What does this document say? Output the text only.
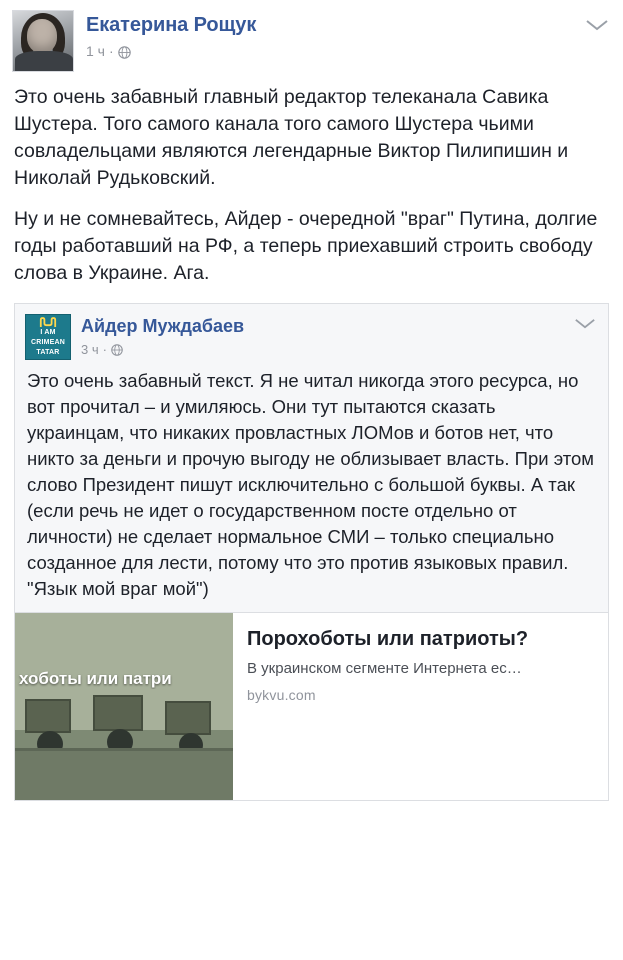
Екатерина Рощук
1 ч ·

Это очень забавный главный редактор телеканала Савика Шустера. Того самого канала того самого Шустера чьими совладельцами являются легендарные Виктор Пилипишин и Николай Рудьковский.

Ну и не сомневайтесь, Айдер - очередной "враг" Путина, долгие годы работавший на РФ, а теперь приехавший строить свободу слова в Украине. Ага.

I AM
CRIMEAN
TATAR
Айдер Муждабаев
3 ч ·

Это очень забавный текст. Я не читал никогда этого ресурса, но вот прочитал – и умиляюсь. Они тут пытаются сказать украинцам, что никаких провластных ЛОМов и ботов нет, что никто за деньги и прочую выгоду не облизывает власть. При этом слово Президент пишут исключительно с большой буквы. А так (если речь не идет о государственном посте отдельно от личности) не сделает нормальное СМИ – только специально созданное для лести, потому что это против языковых правил. "Язык мой враг мой")

хоботы или патри
Порохоботы или патриоты?
В украинском сегменте Интернета ес…
bykvu.com
